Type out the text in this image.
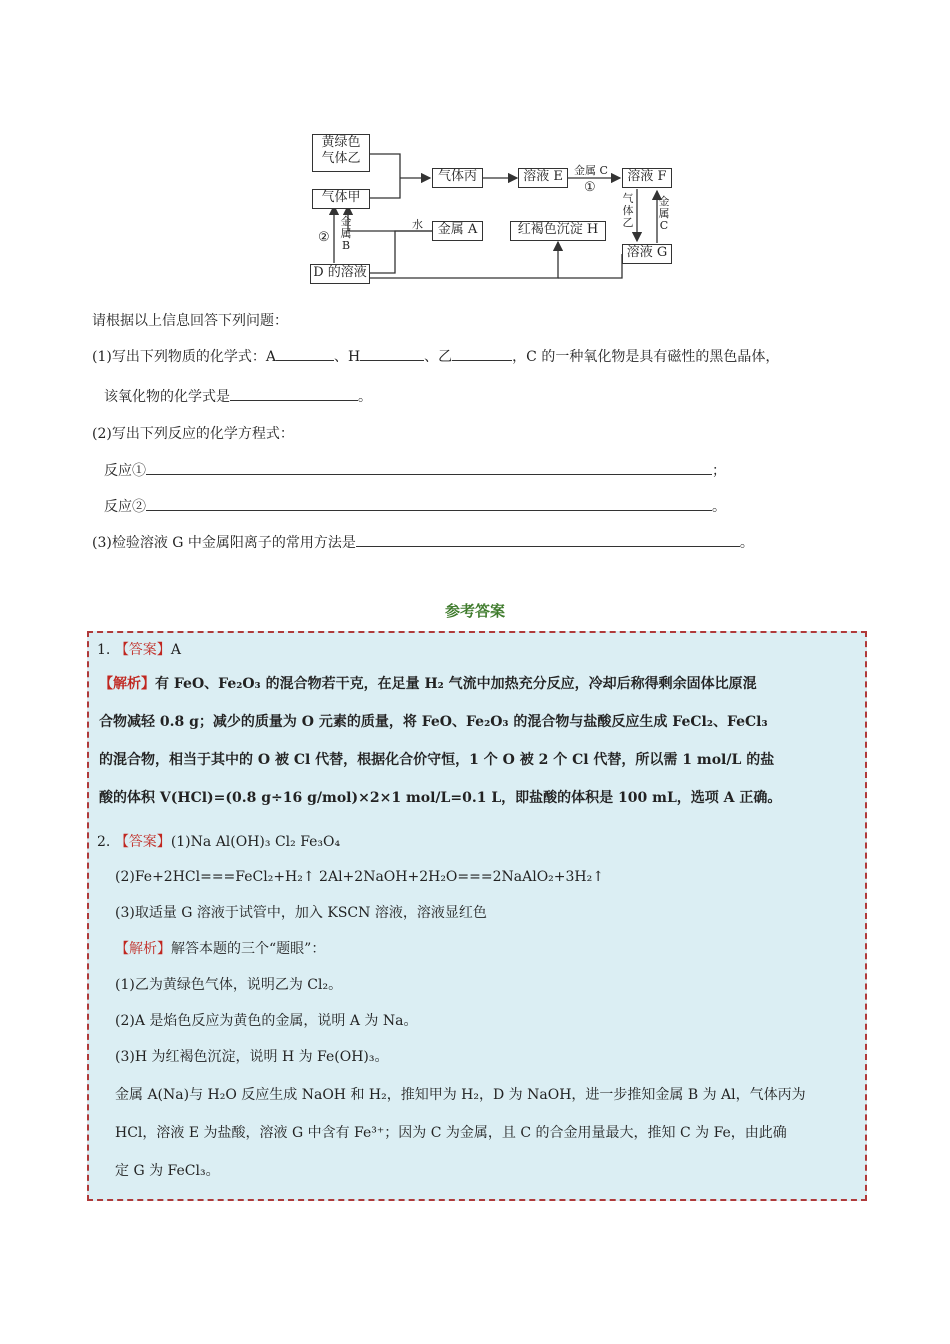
黄绿色
气体乙
气体甲
气体丙	溶液 E	溶液 F
溶液 G
金属 A	红褐色沉淀 H
D 的溶液
金属 C
①
水
②
金属B
气体乙
金属C
请根据以上信息回答下列问题：
(1)写出下列物质的化学式：A	、H	、乙	，C 的一种氧化物是具有磁性的黑色晶体，
该氧化物的化学式是	。
(2)写出下列反应的化学方程式：
反应①	；
反应②	。
(3)检验溶液 G 中金属阳离子的常用方法是	。
参考答案
1. 【答案】A
【解析】有 FeO、Fe₂O₃ 的混合物若干克，在足量 H₂ 气流中加热充分反应，冷却后称得剩余固体比原混
合物减轻 0.8 g；减少的质量为 O 元素的质量，将 FeO、Fe₂O₃ 的混合物与盐酸反应生成 FeCl₂、FeCl₃
的混合物，相当于其中的 O 被 Cl 代替，根据化合价守恒，1 个 O 被 2 个 Cl 代替，所以需 1 mol/L 的盐
酸的体积 V(HCl)=(0.8 g÷16 g/mol)×2×1 mol/L=0.1 L，即盐酸的体积是 100 mL，选项 A 正确。
2. 【答案】(1)Na Al(OH)₃ Cl₂ Fe₃O₄
(2)Fe+2HCl===FeCl₂+H₂↑ 2Al+2NaOH+2H₂O===2NaAlO₂+3H₂↑
(3)取适量 G 溶液于试管中，加入 KSCN 溶液，溶液显红色
【解析】解答本题的三个“题眼”：
(1)乙为黄绿色气体，说明乙为 Cl₂。
(2)A 是焰色反应为黄色的金属，说明 A 为 Na。
(3)H 为红褐色沉淀，说明 H 为 Fe(OH)₃。
金属 A(Na)与 H₂O 反应生成 NaOH 和 H₂，推知甲为 H₂，D 为 NaOH，进一步推知金属 B 为 Al，气体丙为
HCl，溶液 E 为盐酸，溶液 G 中含有 Fe³⁺；因为 C 为金属，且 C 的合金用量最大，推知 C 为 Fe，由此确
定 G 为 FeCl₃。
